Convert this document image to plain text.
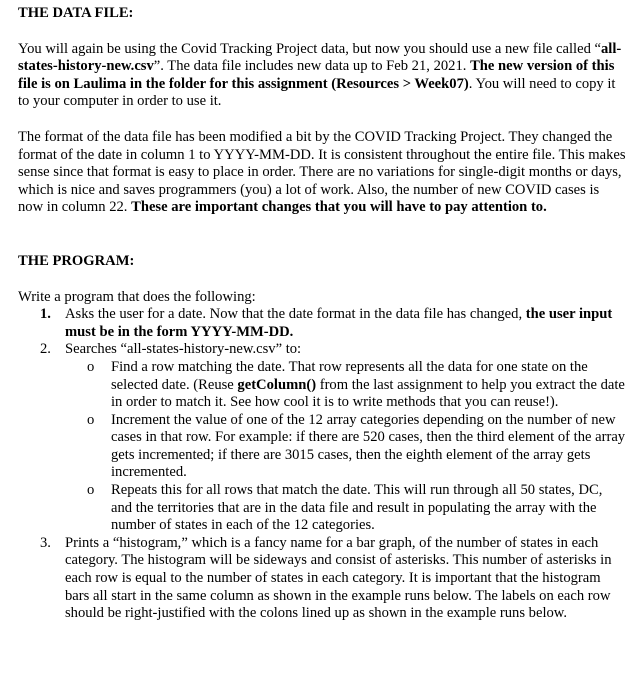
THE DATA FILE:

You will again be using the Covid Tracking Project data, but now you should use a new file called “all-states-history-new.csv”. The data file includes new data up to Feb 21, 2021. The new version of this file is on Laulima in the folder for this assignment (Resources > Week07). You will need to copy it to your computer in order to use it.

The format of the data file has been modified a bit by the COVID Tracking Project. They changed the format of the date in column 1 to YYYY-MM-DD. It is consistent throughout the entire file. This makes sense since that format is easy to place in order. There are no variations for single-digit months or days, which is nice and saves programmers (you) a lot of work. Also, the number of new COVID cases is now in column 22. These are important changes that you will have to pay attention to.

THE PROGRAM:

Write a program that does the following:

1. Asks the user for a date. Now that the date format in the data file has changed, the user input must be in the form YYYY-MM-DD.
2. Searches “all-states-history-new.csv” to:
o Find a row matching the date. That row represents all the data for one state on the selected date. (Reuse getColumn() from the last assignment to help you extract the date in order to match it. See how cool it is to write methods that you can reuse!).
o Increment the value of one of the 12 array categories depending on the number of new cases in that row. For example: if there are 520 cases, then the third element of the array gets incremented; if there are 3015 cases, then the eighth element of the array gets incremented.
o Repeats this for all rows that match the date. This will run through all 50 states, DC, and the territories that are in the data file and result in populating the array with the number of states in each of the 12 categories.
3. Prints a “histogram,” which is a fancy name for a bar graph, of the number of states in each category. The histogram will be sideways and consist of asterisks. This number of asterisks in each row is equal to the number of states in each category. It is important that the histogram bars all start in the same column as shown in the example runs below. The labels on each row should be right-justified with the colons lined up as shown in the example runs below.
